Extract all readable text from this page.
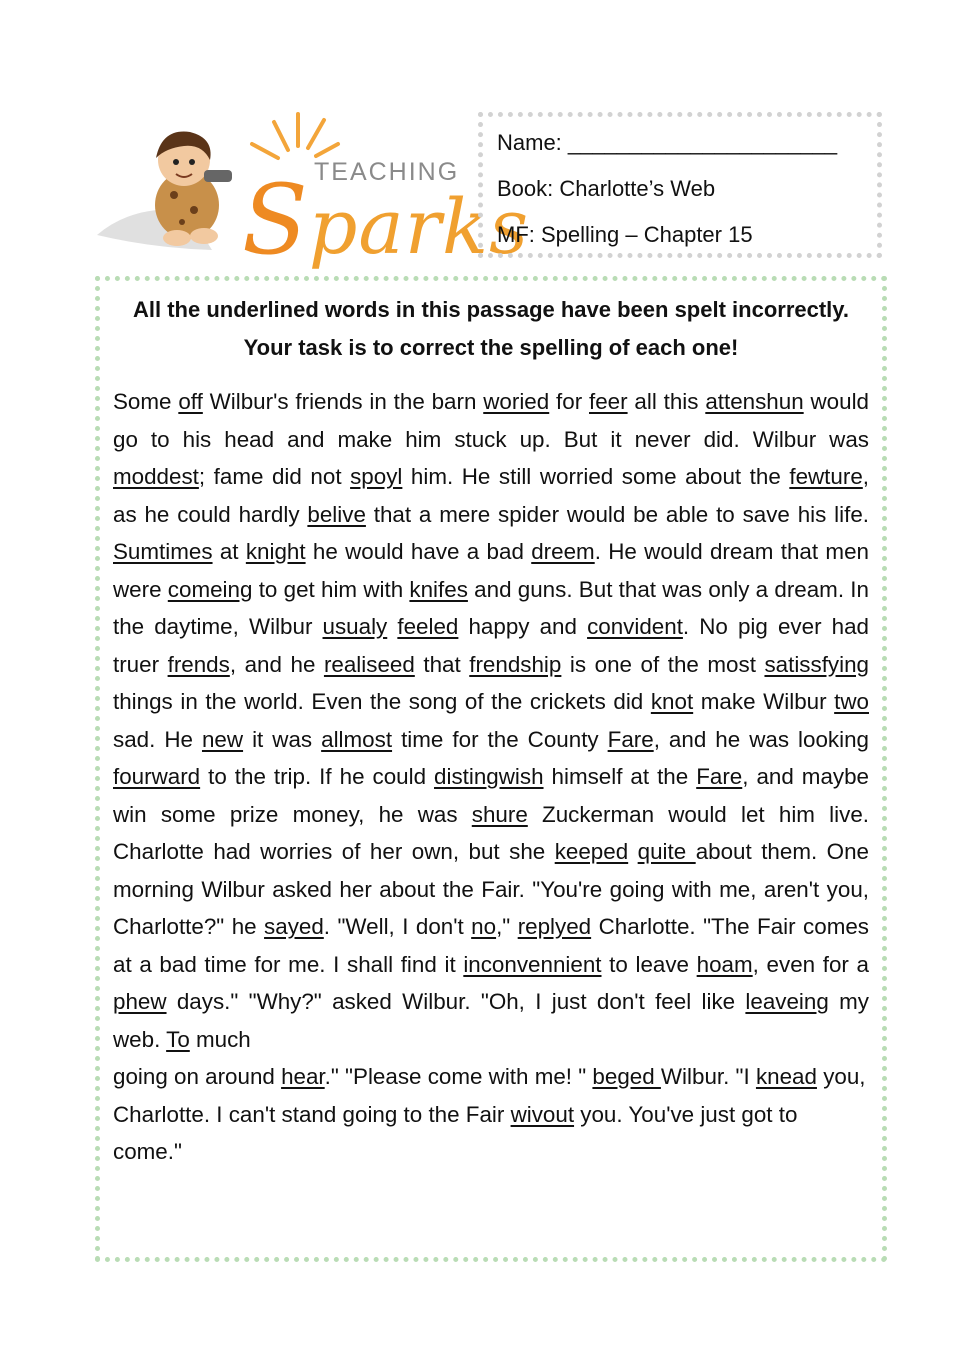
TEACHING
Sparks
Name: ______________________
Book: Charlotte’s Web
MF: Spelling – Chapter 15
All the underlined words in this passage have been spelt incorrectly.
Your task is to correct the spelling of each one!
Some off Wilbur's friends in the barn woried for feer all this attenshun would go to his head and make him stuck up. But it never did. Wilbur was moddest; fame did not spoyl him. He still worried some about the fewture, as he could hardly belive that a mere spider would be able to save his life. Sumtimes at knight he would have a bad dreem. He would dream that men were comeing to get him with knifes and guns. But that was only a dream. In the daytime, Wilbur usualy feeled happy and convident. No pig ever had truer frends, and he realiseed that frendship is one of the most satissfying things in the world. Even the song of the crickets did knot make Wilbur two sad. He new it was allmost time for the County Fare, and he was looking fourward to the trip. If he could distingwish himself at the Fare, and maybe win some prize money, he was shure Zuckerman would let him live. Charlotte had worries of her own, but she keeped quite about them. One morning Wilbur asked her about the Fair. "You're going with me, aren't you, Charlotte?" he sayed. "Well, I don't no," replyed Charlotte. "The Fair comes at a bad time for me. I shall find it inconvennient to leave hoam, even for a phew days." "Why?" asked Wilbur. "Oh, I just don't feel like leaveing my web. To much
going on around hear." "Please come with me! " beged Wilbur. "I knead you, Charlotte. I can't stand going to the Fair wivout you. You've just got to come."
